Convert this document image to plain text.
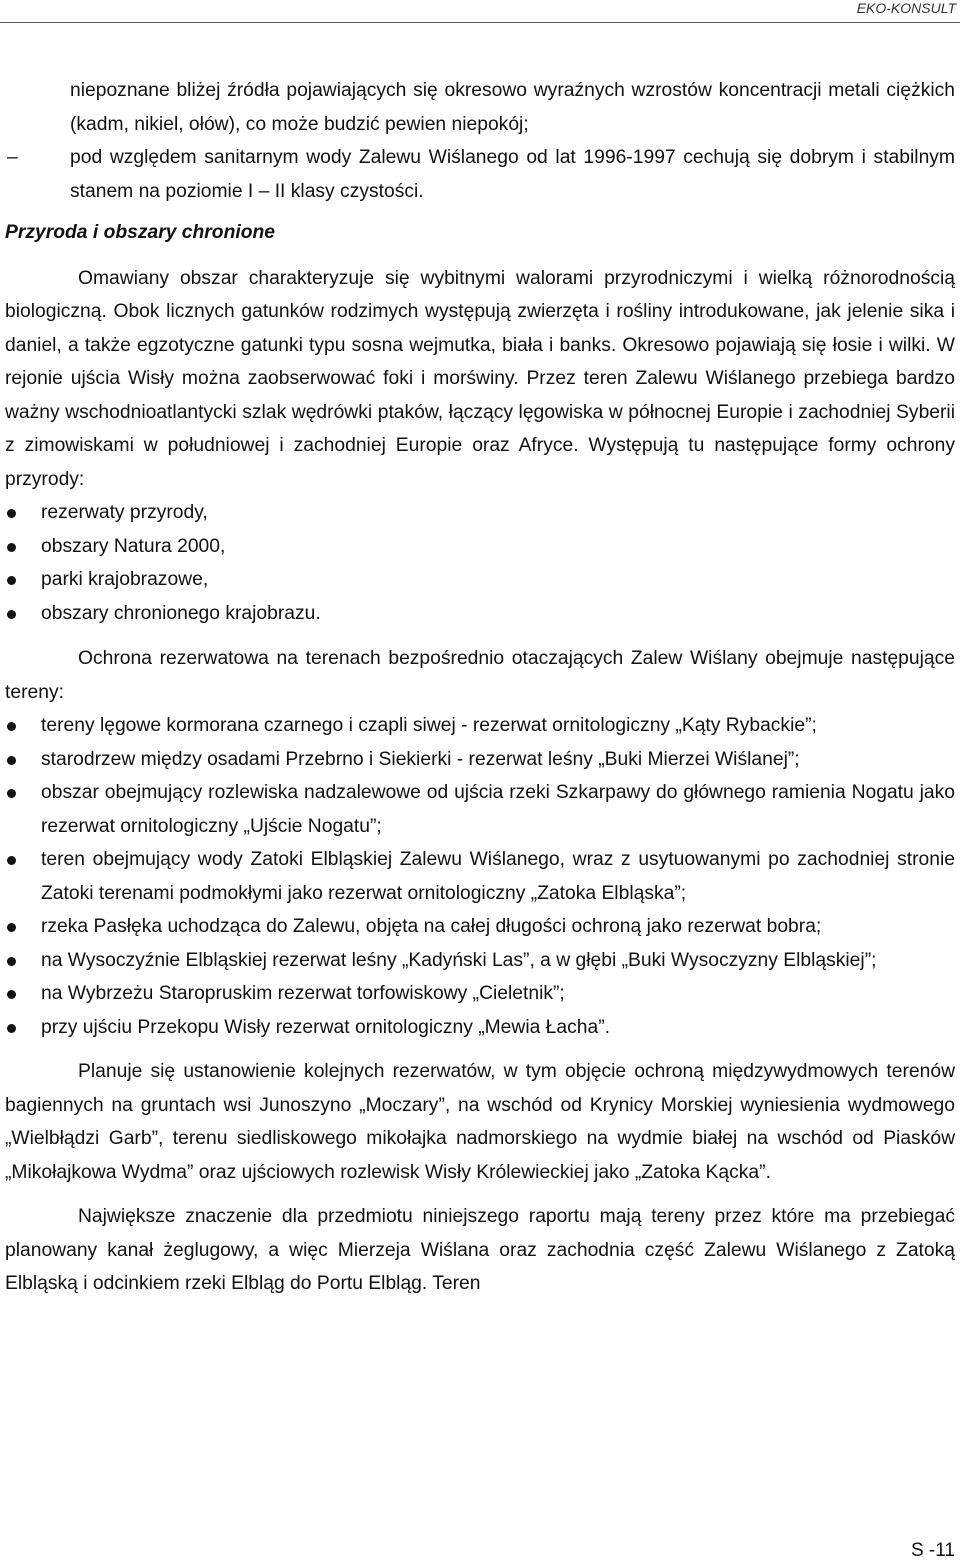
EKO-KONSULT

niepoznane bliżej źródła pojawiających się okresowo wyraźnych wzrostów koncentracji metali ciężkich (kadm, nikiel, ołów), co może budzić pewien niepokój;

–	pod względem sanitarnym wody Zalewu Wiślanego od lat 1996-1997 cechują się dobrym i stabilnym stanem na poziomie I – II klasy czystości.

Przyroda i obszary chronione

Omawiany obszar charakteryzuje się wybitnymi walorami przyrodniczymi i wielką różnorodnością biologiczną. Obok licznych gatunków rodzimych występują zwierzęta i rośliny introdukowane, jak jelenie sika i daniel, a także egzotyczne gatunki typu sosna wejmutka, biała i banks. Okresowo pojawiają się łosie i wilki. W rejonie ujścia Wisły można zaobserwować foki i morświny. Przez teren Zalewu Wiślanego przebiega bardzo ważny wschodnioatlantycki szlak wędrówki ptaków, łączący lęgowiska w północnej Europie i zachodniej Syberii z zimowiskami w południowej i zachodniej Europie oraz Afryce. Występują tu następujące formy ochrony przyrody:

rezerwaty przyrody,
obszary Natura 2000,
parki krajobrazowe,
obszary chronionego krajobrazu.

Ochrona rezerwatowa na terenach bezpośrednio otaczających Zalew Wiślany obejmuje następujące tereny:

tereny lęgowe kormorana czarnego i czapli siwej - rezerwat ornitologiczny „Kąty Rybackie”;
starodrzew między osadami Przebrno i Siekierki - rezerwat leśny „Buki Mierzei Wiślanej”;
obszar obejmujący rozlewiska nadzalewowe od ujścia rzeki Szkarpawy do głównego ramienia Nogatu jako rezerwat ornitologiczny „Ujście Nogatu”;
teren obejmujący wody Zatoki Elbląskiej Zalewu Wiślanego, wraz z usytuowanymi po zachodniej stronie Zatoki terenami podmokłymi jako rezerwat ornitologiczny „Zatoka Elbląska”;
rzeka Pasłęka uchodząca do Zalewu, objęta na całej długości ochroną jako rezerwat bobra;
na Wysoczyźnie Elbląskiej rezerwat leśny „Kadyński Las”, a w głębi „Buki Wysoczyzny Elbląskiej”;
na Wybrzeżu Staropruskim rezerwat torfowiskowy „Cieletnik”;
przy ujściu Przekopu Wisły rezerwat ornitologiczny „Mewia Łacha”.

Planuje się ustanowienie kolejnych rezerwatów, w tym objęcie ochroną międzywydmowych terenów bagiennych na gruntach wsi Junoszyno „Moczary”, na wschód od Krynicy Morskiej wyniesienia wydmowego „Wielbłądzi Garb”, terenu siedliskowego mikołajka nadmorskiego na wydmie białej na wschód od Piasków „Mikołajkowa Wydma” oraz ujściowych rozlewisk Wisły Królewieckiej jako „Zatoka Kącka”.

Największe znaczenie dla przedmiotu niniejszego raportu mają tereny przez które ma przebiegać planowany kanał żeglugowy, a więc Mierzeja Wiślana oraz zachodnia część Zalewu Wiślanego z Zatoką Elbląską i odcinkiem rzeki Elbląg do Portu Elbląg. Teren

S -11
